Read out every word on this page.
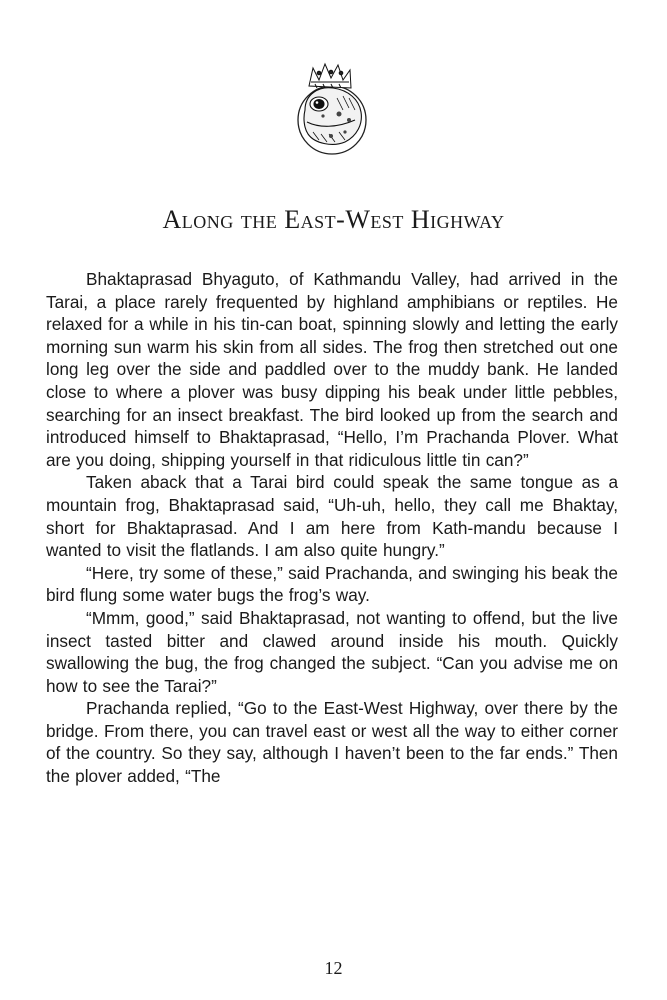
Along the East-West Highway

Bhaktaprasad Bhyaguto, of Kathmandu Valley, had arrived in the Tarai, a place rarely frequented by highland amphibians or reptiles. He relaxed for a while in his tin-can boat, spinning slowly and letting the early morning sun warm his skin from all sides. The frog then stretched out one long leg over the side and paddled over to the muddy bank. He landed close to where a plover was busy dipping his beak under little pebbles, searching for an insect breakfast. The bird looked up from the search and introduced himself to Bhaktaprasad, “Hello, I’m Prachanda Plover. What are you doing, shipping yourself in that ridiculous little tin can?”

Taken aback that a Tarai bird could speak the same tongue as a mountain frog, Bhaktaprasad said, “Uh-uh, hello, they call me Bhaktay, short for Bhaktaprasad. And I am here from Kath-mandu because I wanted to visit the flatlands. I am also quite hungry.”

“Here, try some of these,” said Prachanda, and swinging his beak the bird flung some water bugs the frog’s way.

“Mmm, good,” said Bhaktaprasad, not wanting to offend, but the live insect tasted bitter and clawed around inside his mouth. Quickly swallowing the bug, the frog changed the subject. “Can you advise me on how to see the Tarai?”

Prachanda replied, “Go to the East-West Highway, over there by the bridge. From there, you can travel east or west all the way to either corner of the country. So they say, although I haven’t been to the far ends.” Then the plover added, “The

12
